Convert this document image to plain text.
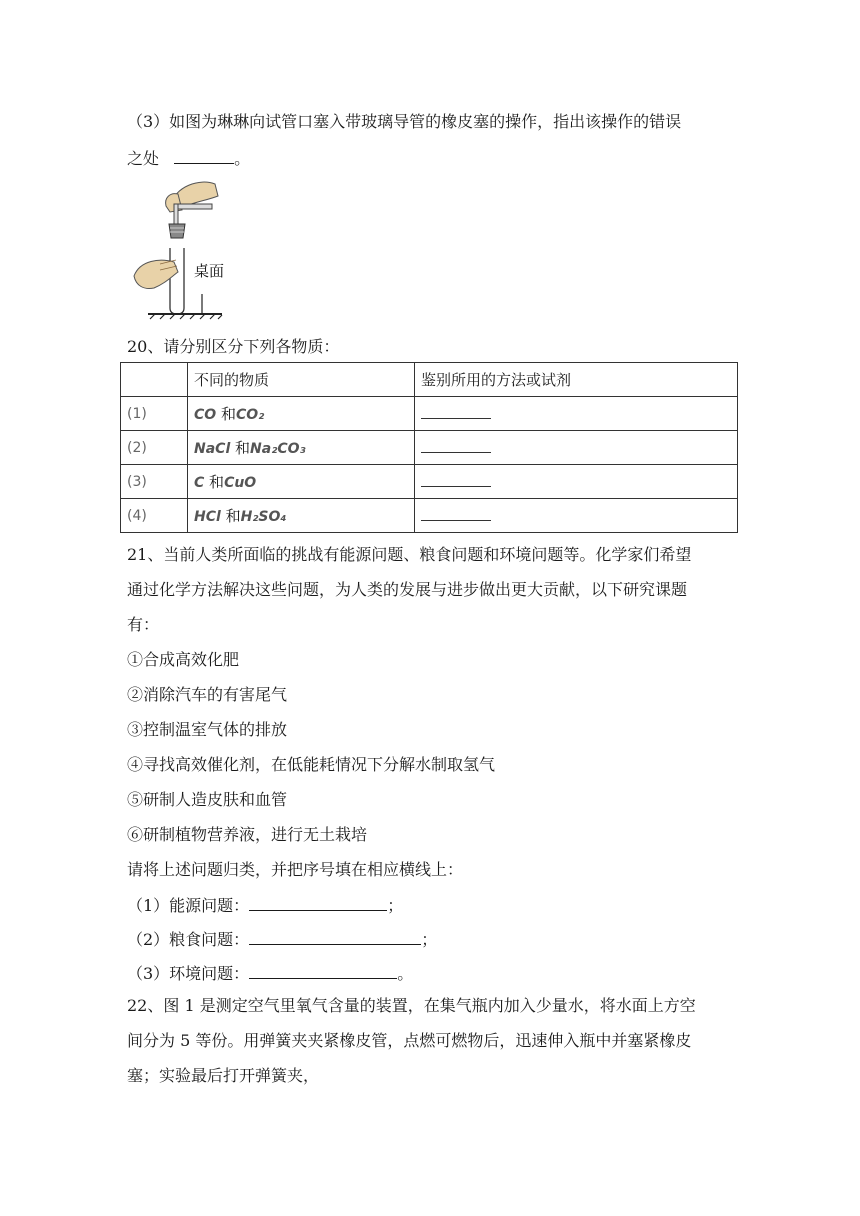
（3）如图为琳琳向试管口塞入带玻璃导管的橡皮塞的操作，指出该操作的错误
之处	。
桌面
20、请分别区分下列各物质：
	不同的物质	鉴别所用的方法或试剂
(1)	CO 和CO₂	
(2)	NaCl 和Na₂CO₃	
(3)	C 和CuO	
(4)	HCl 和H₂SO₄	
21、当前人类所面临的挑战有能源问题、粮食问题和环境问题等。化学家们希望
通过化学方法解决这些问题，为人类的发展与进步做出更大贡献，以下研究课题
有：
①合成高效化肥
②消除汽车的有害尾气
③控制温室气体的排放
④寻找高效催化剂，在低能耗情况下分解水制取氢气
⑤研制人造皮肤和血管
⑥研制植物营养液，进行无土栽培
请将上述问题归类，并把序号填在相应横线上：
（1）能源问题：	；
（2）粮食问题：	；
（3）环境问题：	。
22、图 1 是测定空气里氧气含量的装置，在集气瓶内加入少量水，将水面上方空
间分为 5 等份。用弹簧夹夹紧橡皮管，点燃可燃物后，迅速伸入瓶中并塞紧橡皮
塞；实验最后打开弹簧夹，
